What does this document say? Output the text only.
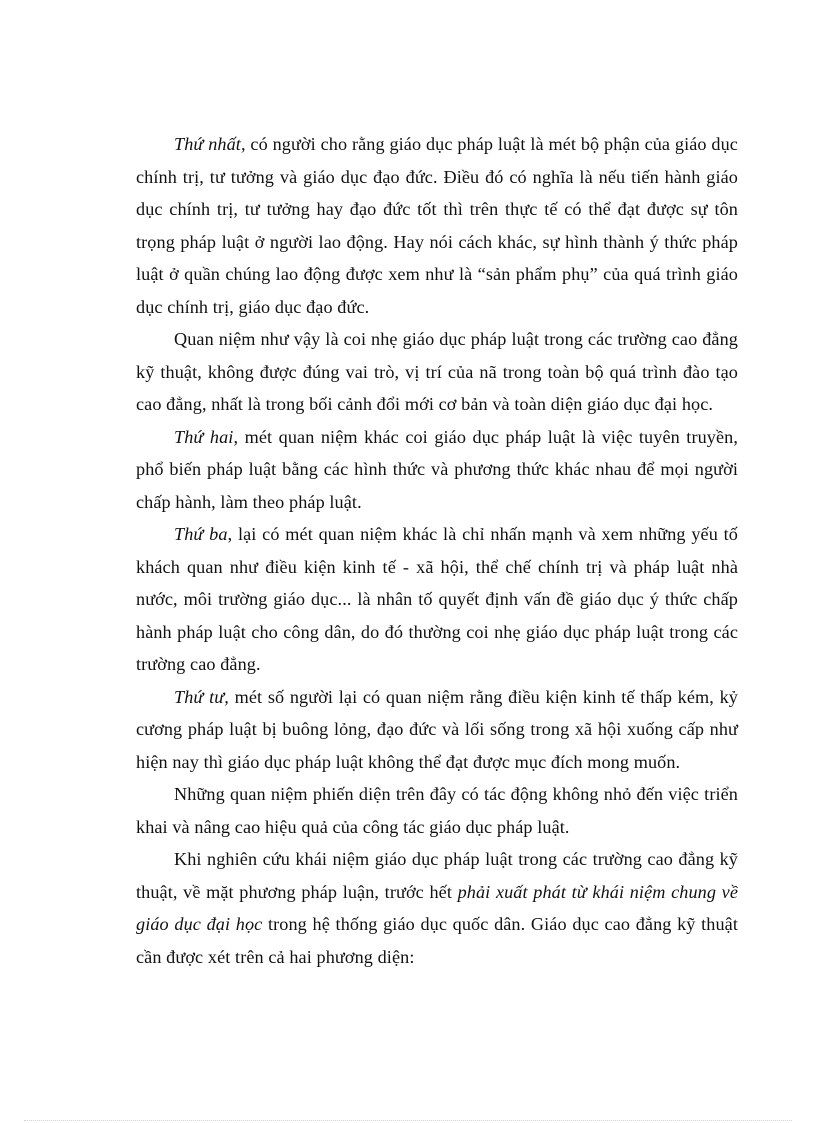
Thứ nhất, có người cho rằng giáo dục pháp luật là mét bộ phận của giáo dục chính trị, tư tưởng và giáo dục đạo đức. Điều đó có nghĩa là nếu tiến hành giáo dục chính trị, tư tưởng hay đạo đức tốt thì trên thực tế có thể đạt được sự tôn trọng pháp luật ở người lao động. Hay nói cách khác, sự hình thành ý thức pháp luật ở quần chúng lao động được xem như là “sản phẩm phụ” của quá trình giáo dục chính trị, giáo dục đạo đức.

Quan niệm như vậy là coi nhẹ giáo dục pháp luật trong các trường cao đẳng kỹ thuật, không được đúng vai trò, vị trí của nã trong toàn bộ quá trình đào tạo cao đẳng, nhất là trong bối cảnh đổi mới cơ bản và toàn diện giáo dục đại học.

Thứ hai, mét quan niệm khác coi giáo dục pháp luật là việc tuyên truyền, phổ biến pháp luật bằng các hình thức và phương thức khác nhau để mọi người chấp hành, làm theo pháp luật.

Thứ ba, lại có mét quan niệm khác là chỉ nhấn mạnh và xem những yếu tố khách quan như điều kiện kinh tế - xã hội, thể chế chính trị và pháp luật nhà nước, môi trường giáo dục... là nhân tố quyết định vấn đề giáo dục ý thức chấp hành pháp luật cho công dân, do đó thường coi nhẹ giáo dục pháp luật trong các trường cao đẳng.

Thứ tư, mét số người lại có quan niệm rằng điều kiện kinh tế thấp kém, kỷ cương pháp luật bị buông lỏng, đạo đức và lối sống trong xã hội xuống cấp như hiện nay thì giáo dục pháp luật không thể đạt được mục đích mong muốn.

Những quan niệm phiến diện trên đây có tác động không nhỏ đến việc triển khai và nâng cao hiệu quả của công tác giáo dục pháp luật.

Khi nghiên cứu khái niệm giáo dục pháp luật trong các trường cao đẳng kỹ thuật, về mặt phương pháp luận, trước hết phải xuất phát từ khái niệm chung về giáo dục đại học trong hệ thống giáo dục quốc dân. Giáo dục cao đẳng kỹ thuật cần được xét trên cả hai phương diện:
